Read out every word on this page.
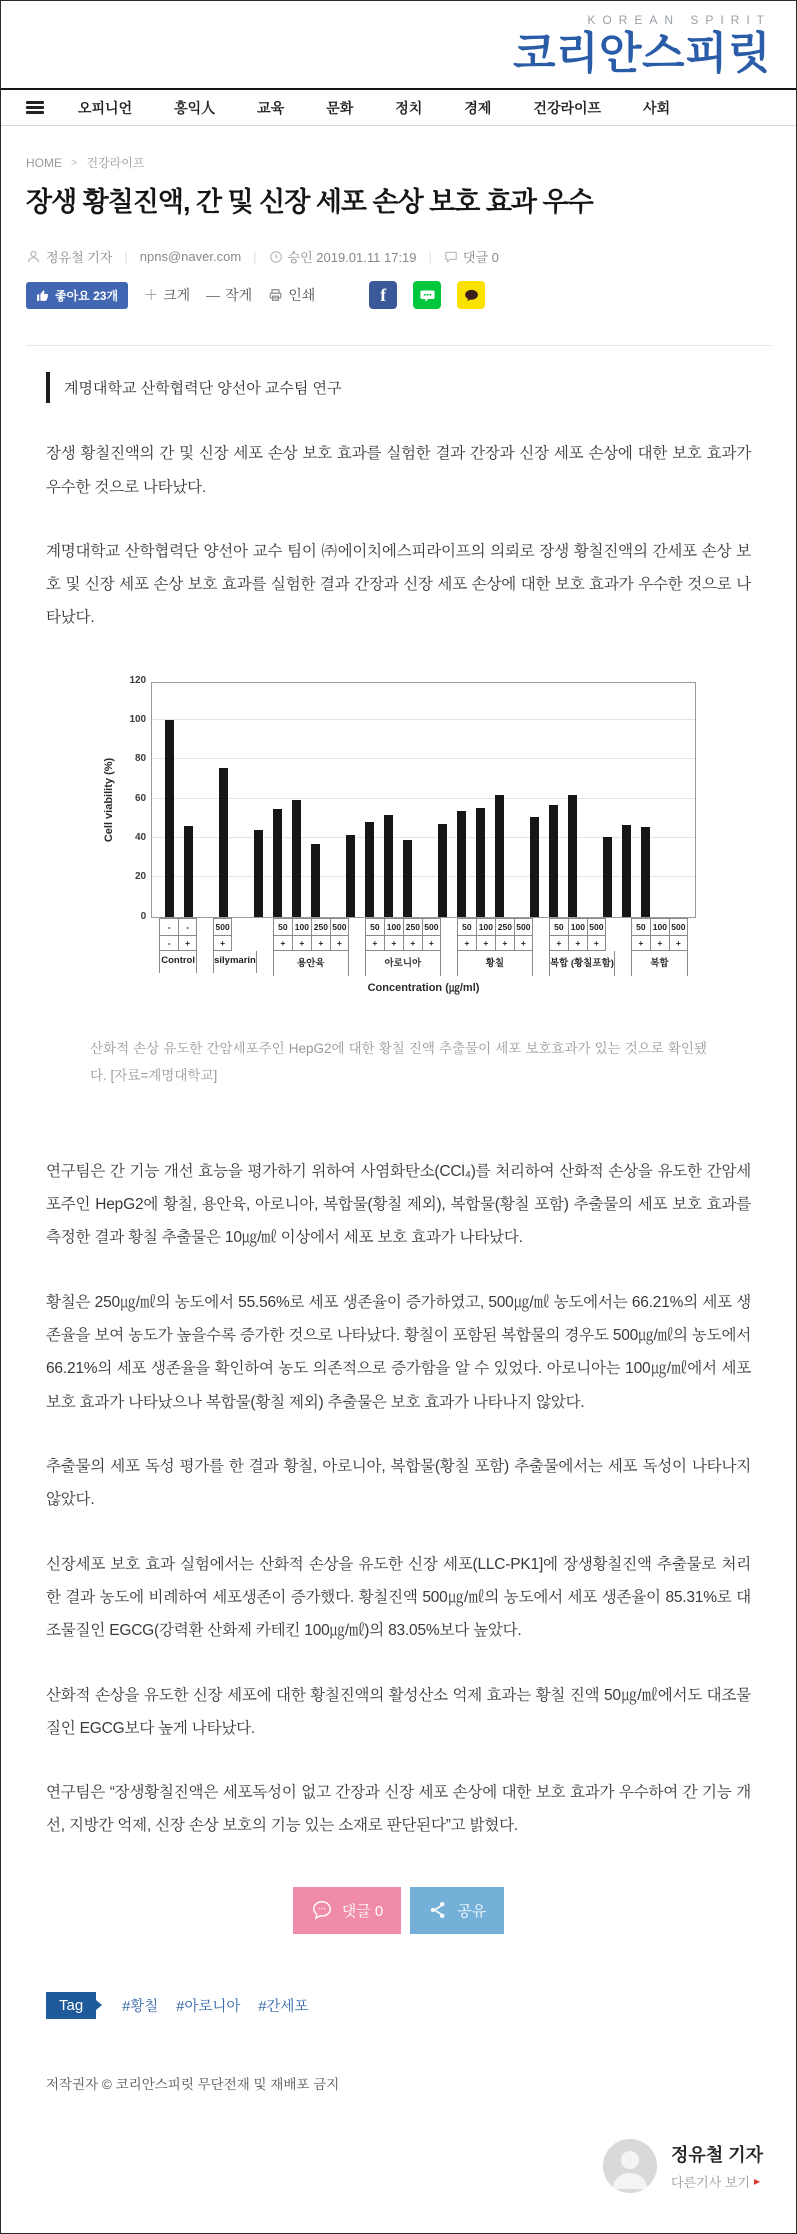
KOREAN SPIRIT
코리안스피릿
오피니언	홍익人	교육	문화	정치	경제	건강라이프	사회
HOME > 건강라이프
장생 황칠진액, 간 및 신장 세포 손상 보호 효과 우수
정유철 기자 | npns@naver.com | 승인 2019.01.11 17:19 | 댓글 0
좋아요 23개 ＋ 크게 — 작게	인쇄	f
계명대학교 산학협력단 양선아 교수팀 연구

장생 황칠진액의 간 및 신장 세포 손상 보호 효과를 실험한 결과 간장과 신장 세포 손상에 대한 보호 효과가 우수한 것으로 나타났다.

계명대학교 산학협력단 양선아 교수 팀이 ㈜에이치에스피라이프의 의뢰로 장생 황칠진액의 간세포 손상 보호 및 신장 세포 손상 보호 효과를 실험한 결과 간장과 신장 세포 손상에 대한 보호 효과가 우수한 것으로 나타났다.

Cell viability (%)
0
20
40
60
80
100
120
-	-
-	+
Control
500
+
silymarin
50 100 250 500
+	+	+	+
용안육
50 100 250 500
+	+	+	+
아로니아
50 100 250 500
+	+	+	+
황칠
50 100 500
+	+	+
복합 (황칠포함)
50 100 500
+	+	+
복합
Concentration (㎍/ml)
산화적 손상 유도한 간암세포주인 HepG2에 대한 황칠 진액 추출물이 세포 보호효과가 있는 것으로 확인됐다. [자료=계명대학교]

연구팀은 간 기능 개선 효능을 평가하기 위하여 사염화탄소(CCl₄)를 처리하여 산화적 손상을 유도한 간암세포주인 HepG2에 황칠, 용안육, 아로니아, 복합물(황칠 제외), 복합물(황칠 포함) 추출물의 세포 보호 효과를 측정한 결과 황칠 추출물은 10㎍/㎖ 이상에서 세포 보호 효과가 나타났다.

황칠은 250㎍/㎖의 농도에서 55.56%로 세포 생존율이 증가하였고, 500㎍/㎖ 농도에서는 66.21%의 세포 생존율을 보여 농도가 높을수록 증가한 것으로 나타났다. 황칠이 포함된 복합물의 경우도 500㎍/㎖의 농도에서 66.21%의 세포 생존율을 확인하여 농도 의존적으로 증가함을 알 수 있었다. 아로니아는 100㎍/㎖에서 세포 보호 효과가 나타났으나 복합물(황칠 제외) 추출물은 보호 효과가 나타나지 않았다.

추출물의 세포 독성 평가를 한 결과 황칠, 아로니아, 복합물(황칠 포함) 추출물에서는 세포 독성이 나타나지 않았다.

신장세포 보호 효과 실험에서는 산화적 손상을 유도한 신장 세포(LLC-PK1]에 장생황칠진액 추출물로 처리한 결과 농도에 비례하여 세포생존이 증가했다. 황칠진액 500㎍/㎖의 농도에서 세포 생존율이 85.31%로 대조물질인 EGCG(강력환 산화제 카테킨 100㎍/㎖)의 83.05%보다 높았다.

산화적 손상을 유도한 신장 세포에 대한 황칠진액의 활성산소 억제 효과는 황칠 진액 50㎍/㎖에서도 대조물질인 EGCG보다 높게 나타났다.

연구팀은 “장생황칠진액은 세포독성이 없고 간장과 신장 세포 손상에 대한 보호 효과가 우수하여 간 기능 개선, 지방간 억제, 신장 손상 보호의 기능 있는 소재로 판단된다”고 밝혔다.

댓글 0	공유
Tag	#황칠 #아로니아 #간세포
저작권자 © 코리안스피릿 무단전재 및 재배포 금지
정유철 기자
다른기사 보기 ▸
